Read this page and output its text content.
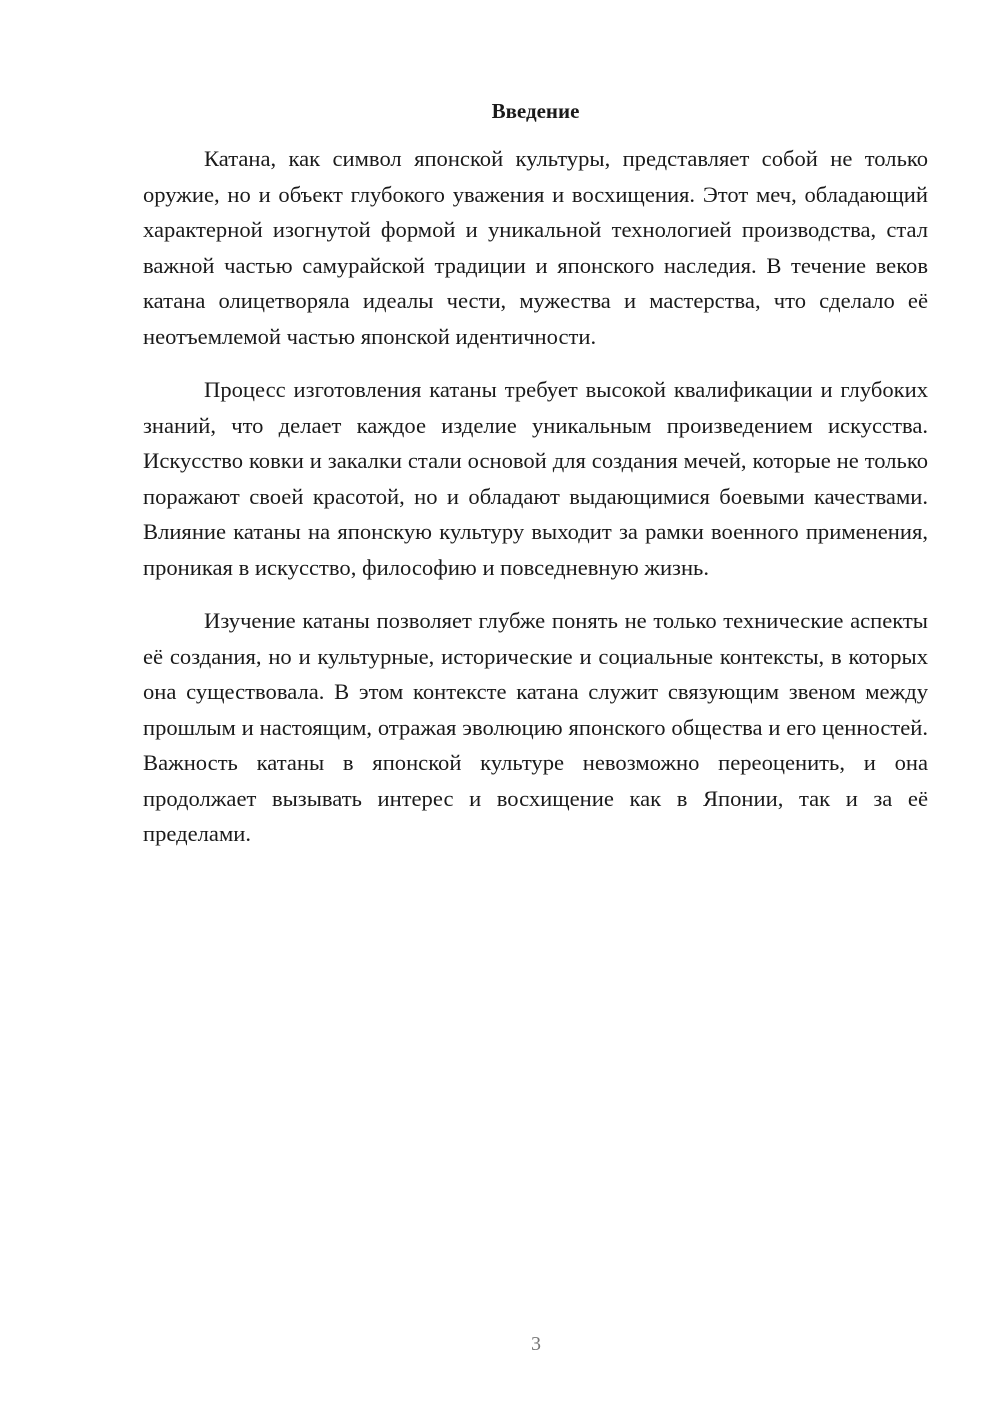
Введение

Катана, как символ японской культуры, представляет собой не только оружие, но и объект глубокого уважения и восхищения. Этот меч, обладающий характерной изогнутой формой и уникальной технологией производства, стал важной частью самурайской традиции и японского наследия. В течение веков катана олицетворяла идеалы чести, мужества и мастерства, что сделало её неотъемлемой частью японской идентичности.

Процесс изготовления катаны требует высокой квалификации и глубоких знаний, что делает каждое изделие уникальным произведением искусства. Искусство ковки и закалки стали основой для создания мечей, которые не только поражают своей красотой, но и обладают выдающимися боевыми качествами. Влияние катаны на японскую культуру выходит за рамки военного применения, проникая в искусство, философию и повседневную жизнь.

Изучение катаны позволяет глубже понять не только технические аспекты её создания, но и культурные, исторические и социальные контексты, в которых она существовала. В этом контексте катана служит связующим звеном между прошлым и настоящим, отражая эволюцию японского общества и его ценностей. Важность катаны в японской культуре невозможно переоценить, и она продолжает вызывать интерес и восхищение как в Японии, так и за её пределами.

3
